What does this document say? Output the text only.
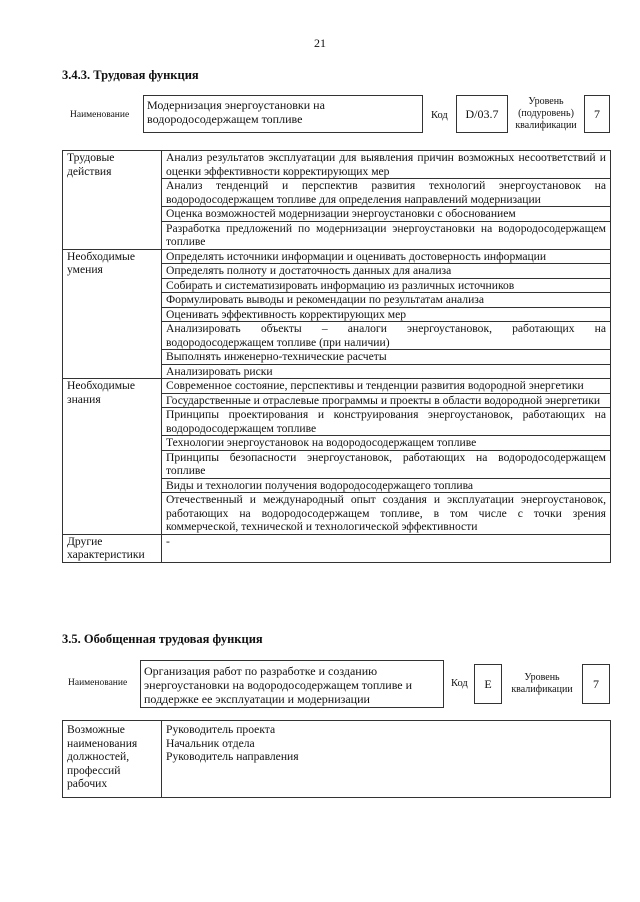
21
3.4.3. Трудовая функция
Наименование
Модернизация энергоустановки на водородосодержащем топливе	Код D/03.7
Уровень (подуровень) квалификации
7
Трудовые действия	Анализ результатов эксплуатации для выявления причин возможных несоответствий и оценки эффективности корректирующих мер
	Анализ тенденций и перспектив развития технологий энергоустановок на водородосодержащем топливе для определения направлений модернизации
	Оценка возможностей модернизации энергоустановки с обоснованием
	Разработка предложений по модернизации энергоустановки на водородосодержащем топливе
Необходимые умения	Определять источники информации и оценивать достоверность информации
	Определять полноту и достаточность данных для анализа
	Собирать и систематизировать информацию из различных источников
	Формулировать выводы и рекомендации по результатам анализа
	Оценивать эффективность корректирующих мер
	Анализировать объекты – аналоги энергоустановок, работающих на водородосодержащем топливе (при наличии)
	Выполнять инженерно-технические расчеты
	Анализировать риски
Необходимые знания	Современное состояние, перспективы и тенденции развития водородной энергетики
	Государственные и отраслевые программы и проекты в области водородной энергетики
	Принципы проектирования и конструирования энергоустановок, работающих на водородосодержащем топливе
	Технологии энергоустановок на водородосодержащем топливе
	Принципы безопасности энергоустановок, работающих на водородосодержащем топливе
	Виды и технологии получения водородосодержащего топлива
	Отечественный и международный опыт создания и эксплуатации энергоустановок, работающих на водородосодержащем топливе, в том числе с точки зрения коммерческой, технической и технологической эффективности
Другие характеристики	-
3.5. Обобщенная трудовая функция
Наименование
Организация работ по разработке и созданию энергоустановки на водородосодержащем топливе и поддержке ее эксплуатации и модернизации
Код Е	Уровень квалификации	7
Возможные наименования должностей, профессий рабочих	
Руководитель проекта
Начальник отдела
Руководитель направления
